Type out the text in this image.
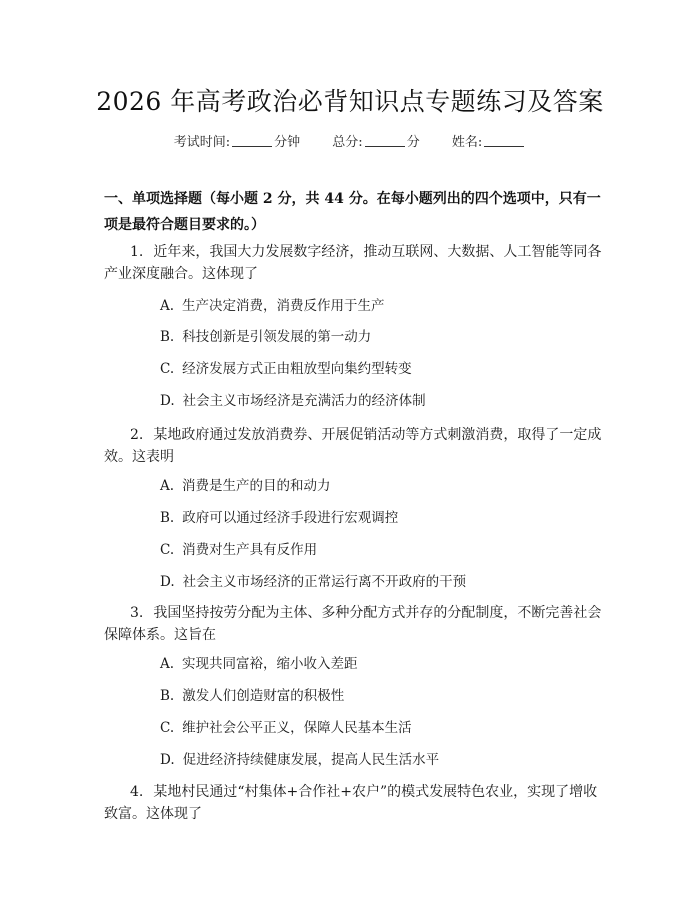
2026 年高考政治必背知识点专题练习及答案
考试时间:	分钟 总分:	分 姓名:
一、单项选择题（每小题 2 分，共 44 分。在每小题列出的四个选项中，只有一项是最符合题目要求的。）
1. 近年来，我国大力发展数字经济，推动互联网、大数据、人工智能等同各产业深度融合。这体现了
A. 生产决定消费，消费反作用于生产
B. 科技创新是引领发展的第一动力
C. 经济发展方式正由粗放型向集约型转变
D. 社会主义市场经济是充满活力的经济体制
2. 某地政府通过发放消费券、开展促销活动等方式刺激消费，取得了一定成效。这表明
A. 消费是生产的目的和动力
B. 政府可以通过经济手段进行宏观调控
C. 消费对生产具有反作用
D. 社会主义市场经济的正常运行离不开政府的干预
3. 我国坚持按劳分配为主体、多种分配方式并存的分配制度，不断完善社会保障体系。这旨在
A. 实现共同富裕，缩小收入差距
B. 激发人们创造财富的积极性
C. 维护社会公平正义，保障人民基本生活
D. 促进经济持续健康发展，提高人民生活水平
4. 某地村民通过“村集体+合作社+农户”的模式发展特色农业，实现了增收致富。这体现了
